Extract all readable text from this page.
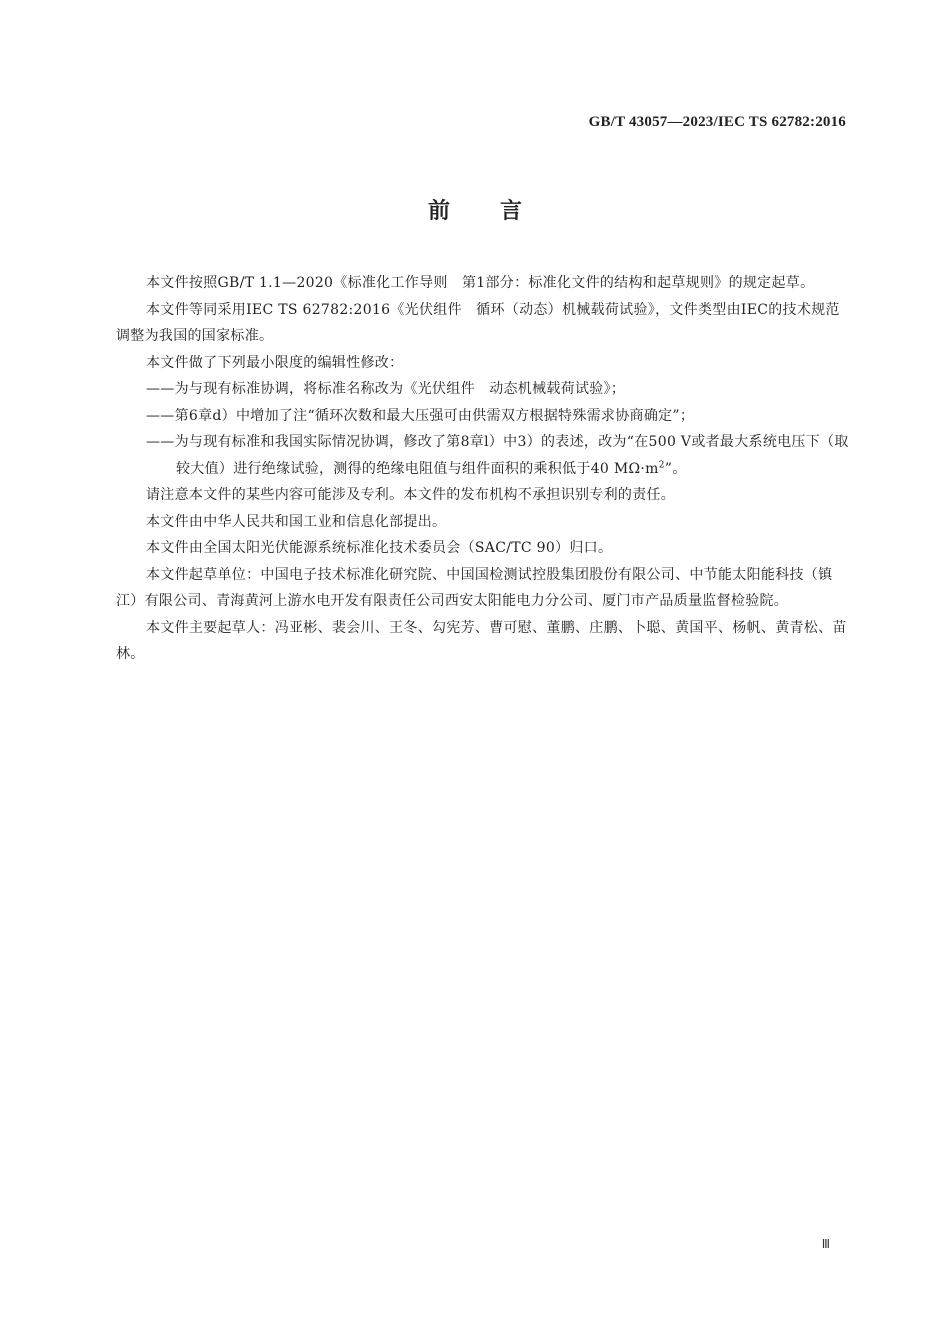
GB/T 43057—2023/IEC TS 62782:2016
前言

本文件按照GB/T 1.1—2020《标准化工作导则　第1部分：标准化文件的结构和起草规则》的规定起草。

本文件等同采用IEC TS 62782:2016《光伏组件　循环（动态）机械载荷试验》，文件类型由IEC的技术规范调整为我国的国家标准。

本文件做了下列最小限度的编辑性修改：

——为与现有标准协调，将标准名称改为《光伏组件　动态机械载荷试验》；

——第6章d）中增加了注“循环次数和最大压强可由供需双方根据特殊需求协商确定”；

——为与现有标准和我国实际情况协调，修改了第8章l）中3）的表述，改为“在500 V或者最大系统电压下（取较大值）进行绝缘试验，测得的绝缘电阻值与组件面积的乘积低于40 $M\Omega\cdot m^2$”。

请注意本文件的某些内容可能涉及专利。本文件的发布机构不承担识别专利的责任。

本文件由中华人民共和国工业和信息化部提出。

本文件由全国太阳光伏能源系统标准化技术委员会（SAC/TC 90）归口。

本文件起草单位：中国电子技术标准化研究院、中国国检测试控股集团股份有限公司、中节能太阳能科技（镇江）有限公司、青海黄河上游水电开发有限责任公司西安太阳能电力分公司、厦门市产品质量监督检验院。

本文件主要起草人：冯亚彬、裴会川、王冬、勾宪芳、曹可慰、董鹏、庄鹏、卜聪、黄国平、杨帆、黄青松、苗林。

Ⅲ
